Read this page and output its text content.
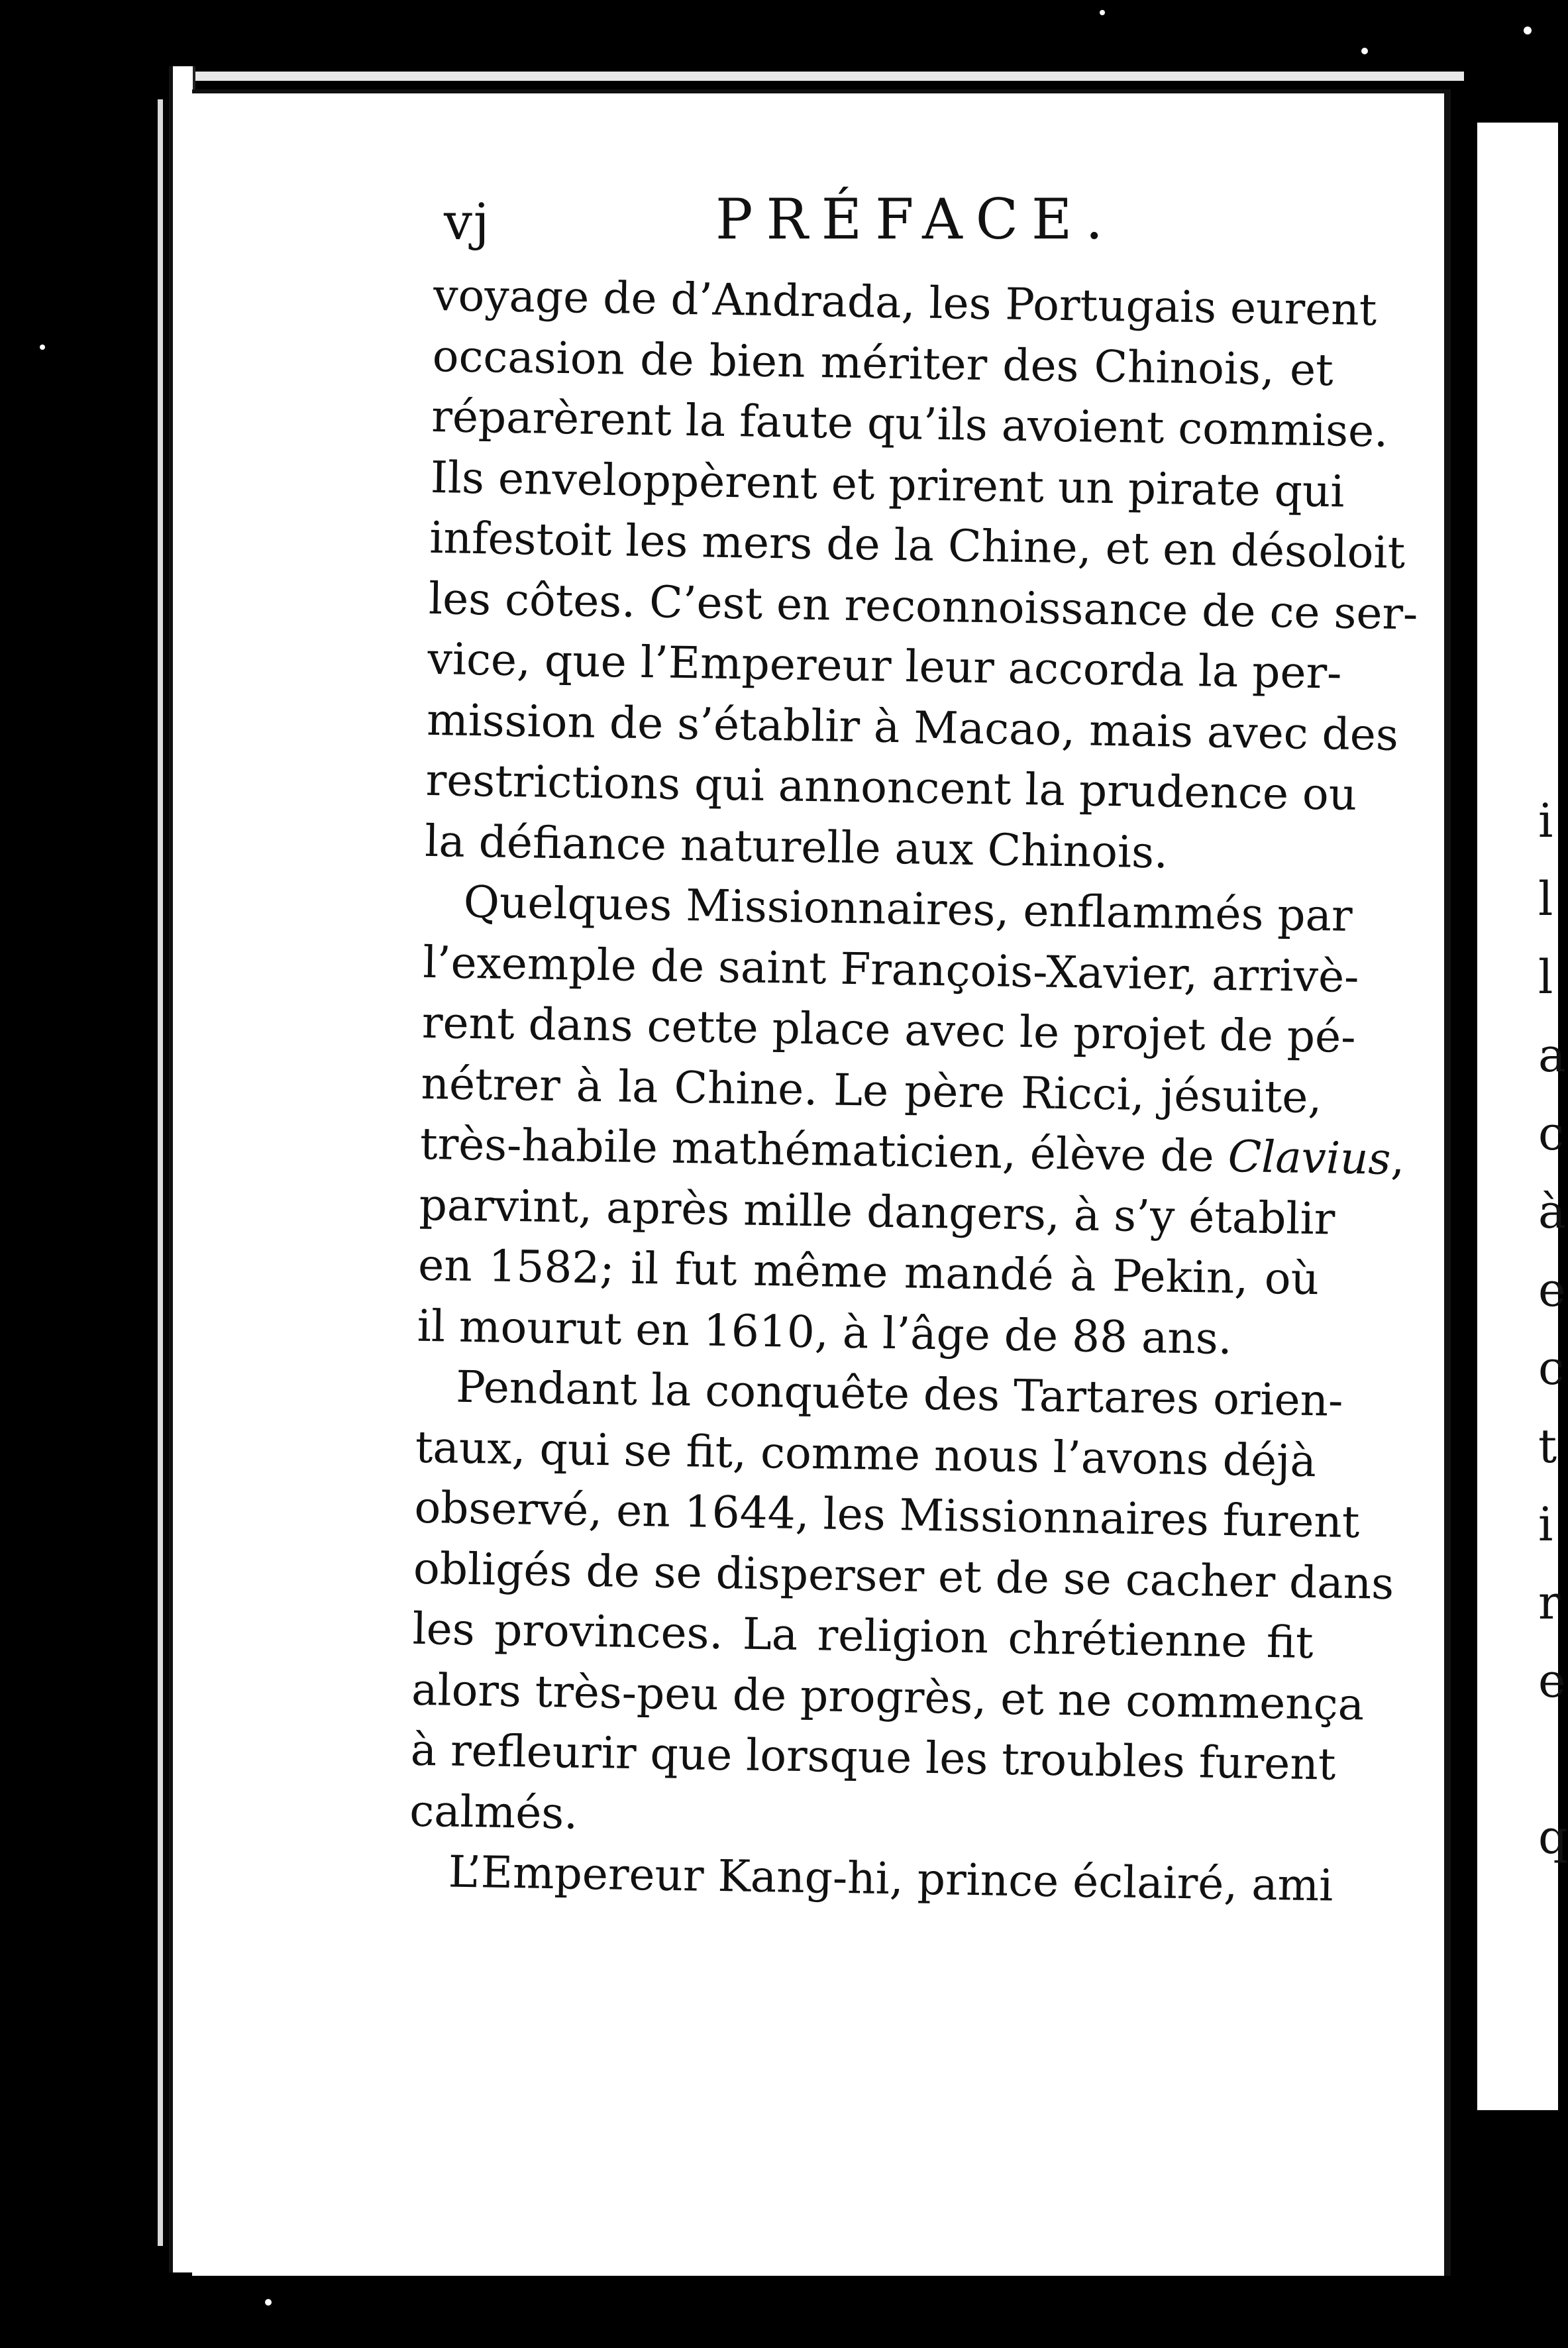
i
l
l
a
c
à
e
c
t
i
r
e

q
vj	PRÉFACE.
voyage de d’Andrada, les Portugais eurent
occasion de bien mériter des Chinois, et
réparèrent la faute qu’ils avoient commise.
Ils enveloppèrent et prirent un pirate qui
infestoit les mers de la Chine, et en désoloit
les côtes. C’est en reconnoissance de ce ser-
vice, que l’Empereur leur accorda la per-
mission de s’établir à Macao, mais avec des
restrictions qui annoncent la prudence ou
la défiance naturelle aux Chinois.
Quelques Missionnaires, enflammés par
l’exemple de saint François-Xavier, arrivè-
rent dans cette place avec le projet de pé-
nétrer à la Chine. Le père Ricci, jésuite,
très-habile mathématicien, élève de Clavius
parvint, après mille dangers, à s’y établir
en 1582; il fut même mandé à Pekin, où
il mourut en 1610, à l’âge de 88 ans.
Pendant la conquête des Tartares orien-
taux, qui se fit, comme nous l’avons déjà
observé, en 1644, les Missionnaires furent
obligés de se disperser et de se cacher dans
les provinces. La religion chrétienne fit
alors très-peu de progrès, et ne commença
à refleurir que lorsque les troubles furent
calmés.
L’Empereur Kang-hi, prince éclairé, ami
